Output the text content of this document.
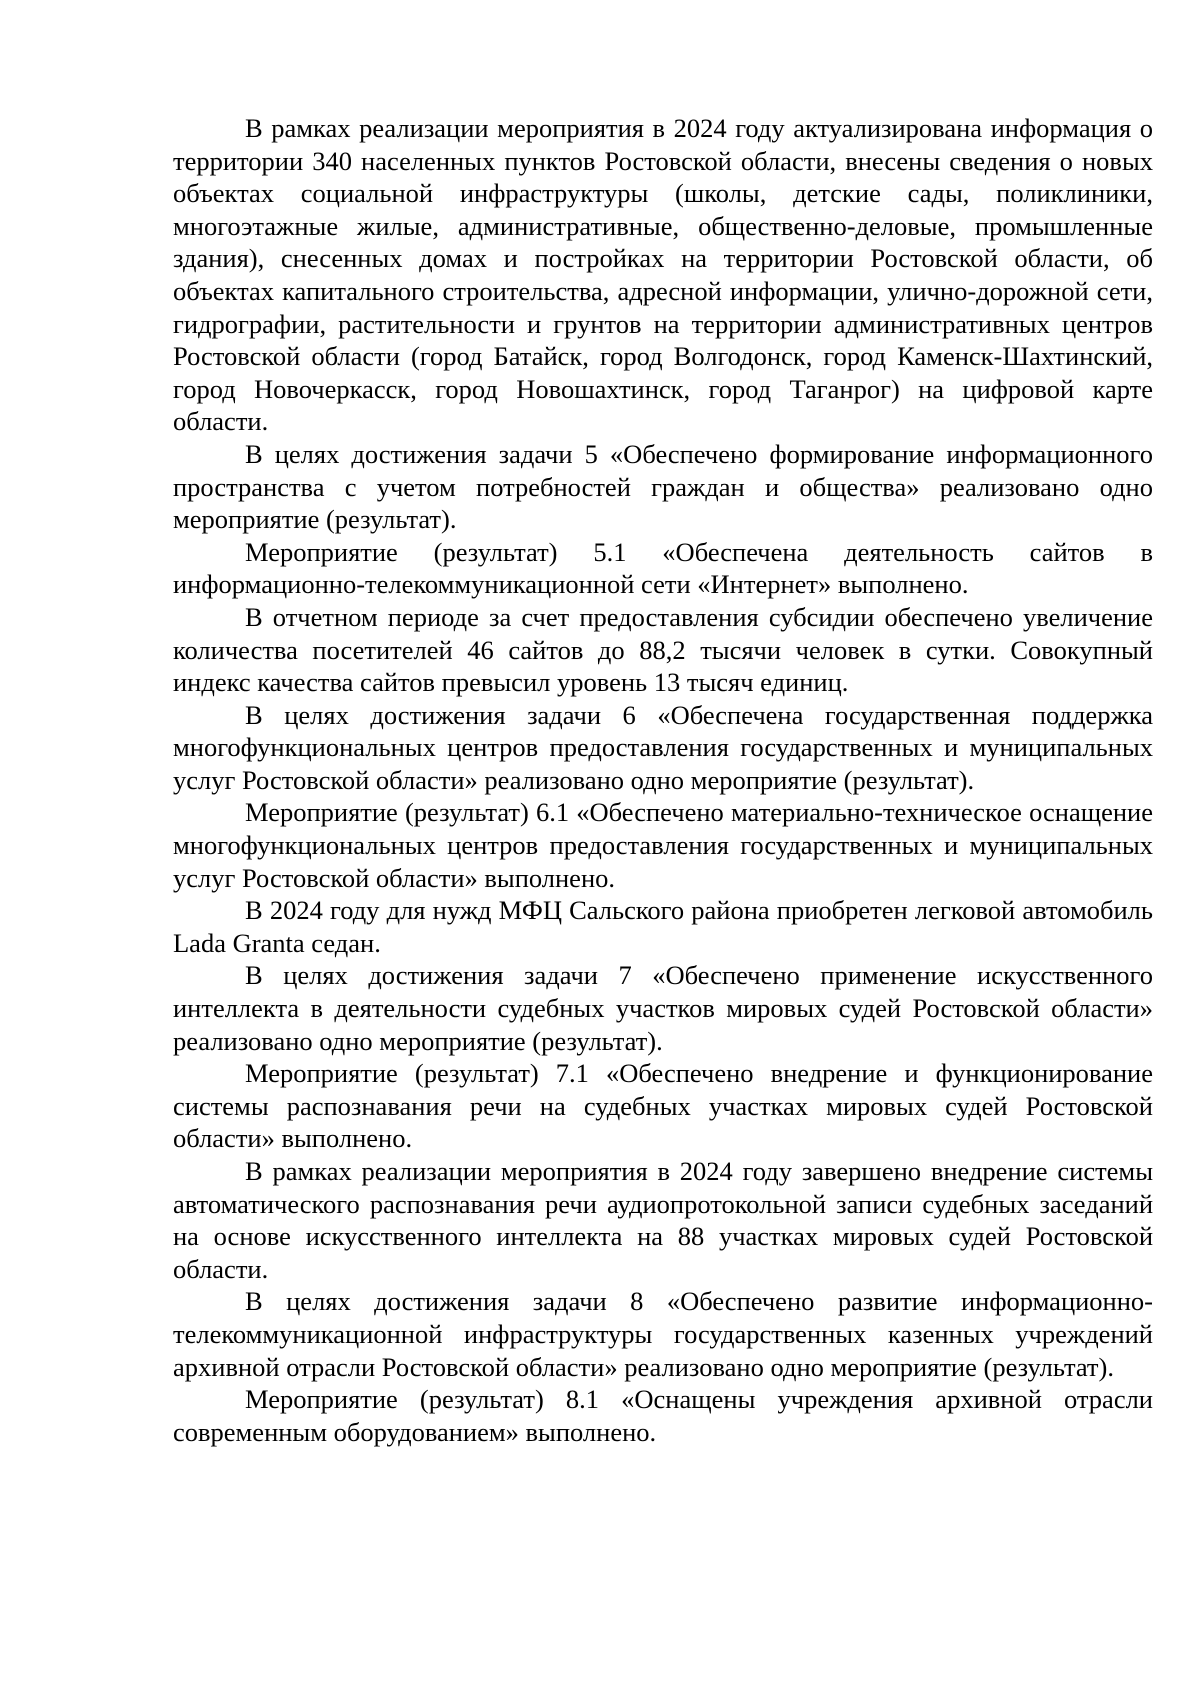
В рамках реализации мероприятия в 2024 году актуализирована информация о территории 340 населенных пунктов Ростовской области, внесены сведения о новых объектах социальной инфраструктуры (школы, детские сады, поликлиники, многоэтажные жилые, административные, общественно-деловые, промышленные здания), снесенных домах и постройках на территории Ростовской области, об объектах капитального строительства, адресной информации, улично-дорожной сети, гидрографии, растительности и грунтов на территории административных центров Ростовской области (город Батайск, город Волгодонск, город Каменск-Шахтинский, город Новочеркасск, город Новошахтинск, город Таганрог) на цифровой карте области.

В целях достижения задачи 5 «Обеспечено формирование информационного пространства с учетом потребностей граждан и общества» реализовано одно мероприятие (результат).

Мероприятие (результат) 5.1 «Обеспечена деятельность сайтов в информационно-телекоммуникационной сети «Интернет» выполнено.

В отчетном периоде за счет предоставления субсидии обеспечено увеличение количества посетителей 46 сайтов до 88,2 тысячи человек в сутки. Совокупный индекс качества сайтов превысил уровень 13 тысяч единиц.

В целях достижения задачи 6 «Обеспечена государственная поддержка многофункциональных центров предоставления государственных и муниципальных услуг Ростовской области» реализовано одно мероприятие (результат).

Мероприятие (результат) 6.1 «Обеспечено материально-техническое оснащение многофункциональных центров предоставления государственных и муниципальных услуг Ростовской области» выполнено.

В 2024 году для нужд МФЦ Сальского района приобретен легковой автомобиль Lada Granta седан.

В целях достижения задачи 7 «Обеспечено применение искусственного интеллекта в деятельности судебных участков мировых судей Ростовской области» реализовано одно мероприятие (результат).

Мероприятие (результат) 7.1 «Обеспечено внедрение и функционирование системы распознавания речи на судебных участках мировых судей Ростовской области» выполнено.

В рамках реализации мероприятия в 2024 году завершено внедрение системы автоматического распознавания речи аудиопротокольной записи судебных заседаний на основе искусственного интеллекта на 88 участках мировых судей Ростовской области.

В целях достижения задачи 8 «Обеспечено развитие информационно-телекоммуникационной инфраструктуры государственных казенных учреждений архивной отрасли Ростовской области» реализовано одно мероприятие (результат).

Мероприятие (результат) 8.1 «Оснащены учреждения архивной отрасли современным оборудованием» выполнено.
